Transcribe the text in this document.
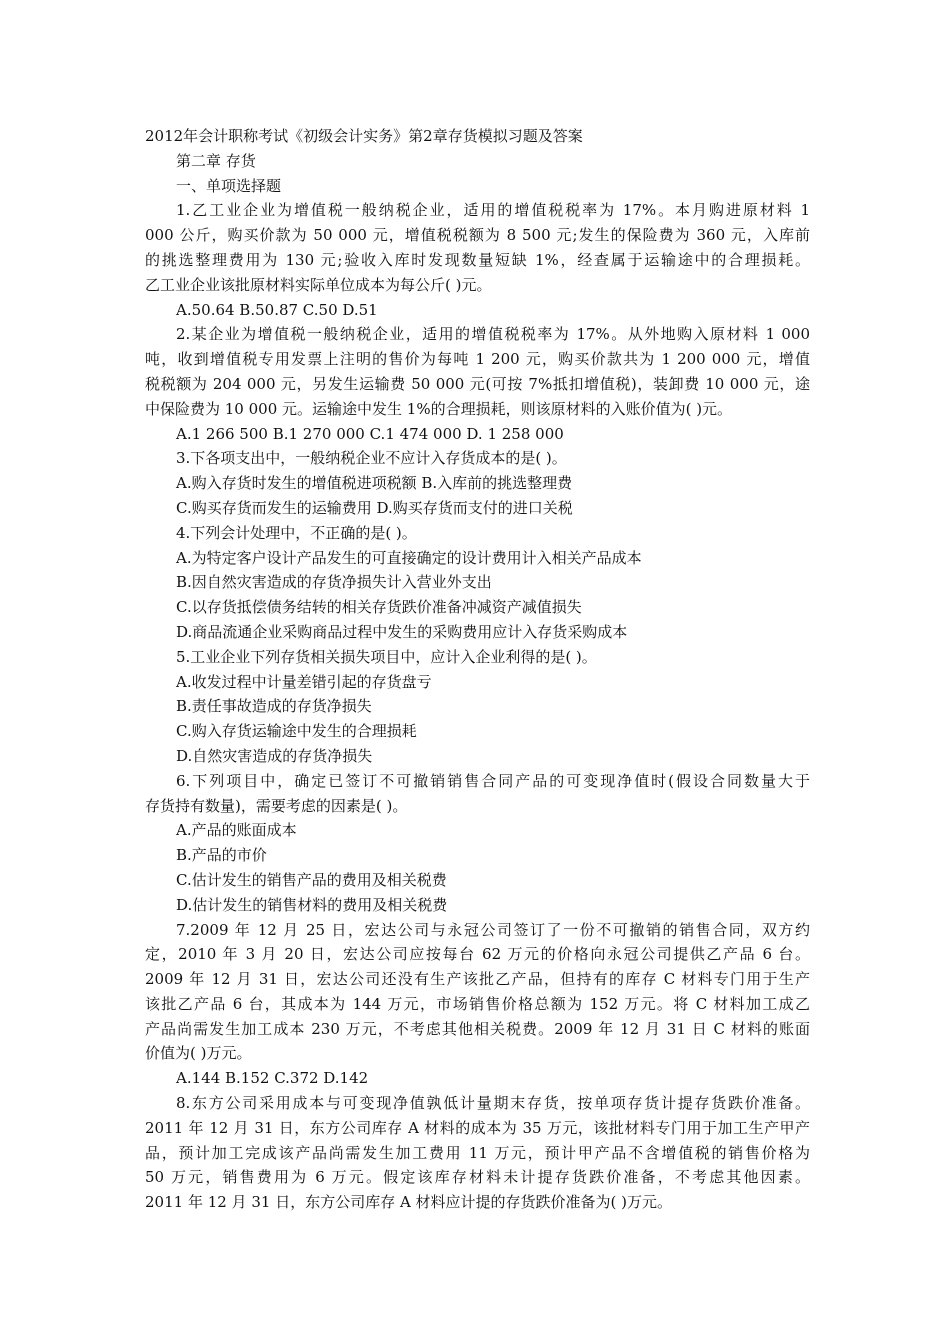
2012年会计职称考试《初级会计实务》第2章存货模拟习题及答案
第二章 存货
一、单项选择题
1.乙工业企业为增值税一般纳税企业，适用的增值税税率为 17%。本月购进原材料 1
000 公斤，购买价款为 50 000 元，增值税税额为 8 500 元;发生的保险费为 360 元，入库前
的挑选整理费用为 130 元;验收入库时发现数量短缺 1%，经查属于运输途中的合理损耗。
乙工业企业该批原材料实际单位成本为每公斤( )元。
A.50.64 B.50.87 C.50 D.51
2.某企业为增值税一般纳税企业，适用的增值税税率为 17%。从外地购入原材料 1 000
吨，收到增值税专用发票上注明的售价为每吨 1 200 元，购买价款共为 1 200 000 元，增值
税税额为 204 000 元，另发生运输费 50 000 元(可按 7%抵扣增值税)，装卸费 10 000 元，途
中保险费为 10 000 元。运输途中发生 1%的合理损耗，则该原材料的入账价值为( )元。
A.1 266 500 B.1 270 000 C.1 474 000 D. 1 258 000
3.下各项支出中，一般纳税企业不应计入存货成本的是( )。
A.购入存货时发生的增值税进项税额 B.入库前的挑选整理费
C.购买存货而发生的运输费用 D.购买存货而支付的进口关税
4.下列会计处理中，不正确的是( )。
A.为特定客户设计产品发生的可直接确定的设计费用计入相关产品成本
B.因自然灾害造成的存货净损失计入营业外支出
C.以存货抵偿债务结转的相关存货跌价准备冲减资产减值损失
D.商品流通企业采购商品过程中发生的采购费用应计入存货采购成本
5.工业企业下列存货相关损失项目中，应计入企业利得的是( )。
A.收发过程中计量差错引起的存货盘亏
B.责任事故造成的存货净损失
C.购入存货运输途中发生的合理损耗
D.自然灾害造成的存货净损失
6.下列项目中，确定已签订不可撤销销售合同产品的可变现净值时(假设合同数量大于
存货持有数量)，需要考虑的因素是( )。
A.产品的账面成本
B.产品的市价
C.估计发生的销售产品的费用及相关税费
D.估计发生的销售材料的费用及相关税费
7.2009 年 12 月 25 日，宏达公司与永冠公司签订了一份不可撤销的销售合同，双方约
定，2010 年 3 月 20 日，宏达公司应按每台 62 万元的价格向永冠公司提供乙产品 6 台。
2009 年 12 月 31 日，宏达公司还没有生产该批乙产品，但持有的库存 C 材料专门用于生产
该批乙产品 6 台，其成本为 144 万元，市场销售价格总额为 152 万元。将 C 材料加工成乙
产品尚需发生加工成本 230 万元，不考虑其他相关税费。2009 年 12 月 31 日 C 材料的账面
价值为( )万元。
A.144 B.152 C.372 D.142
8.东方公司采用成本与可变现净值孰低计量期末存货，按单项存货计提存货跌价准备。
2011 年 12 月 31 日，东方公司库存 A 材料的成本为 35 万元，该批材料专门用于加工生产甲产
品，预计加工完成该产品尚需发生加工费用 11 万元，预计甲产品不含增值税的销售价格为
50 万元，销售费用为 6 万元。假定该库存材料未计提存货跌价准备，不考虑其他因素。
2011 年 12 月 31 日，东方公司库存 A 材料应计提的存货跌价准备为( )万元。
